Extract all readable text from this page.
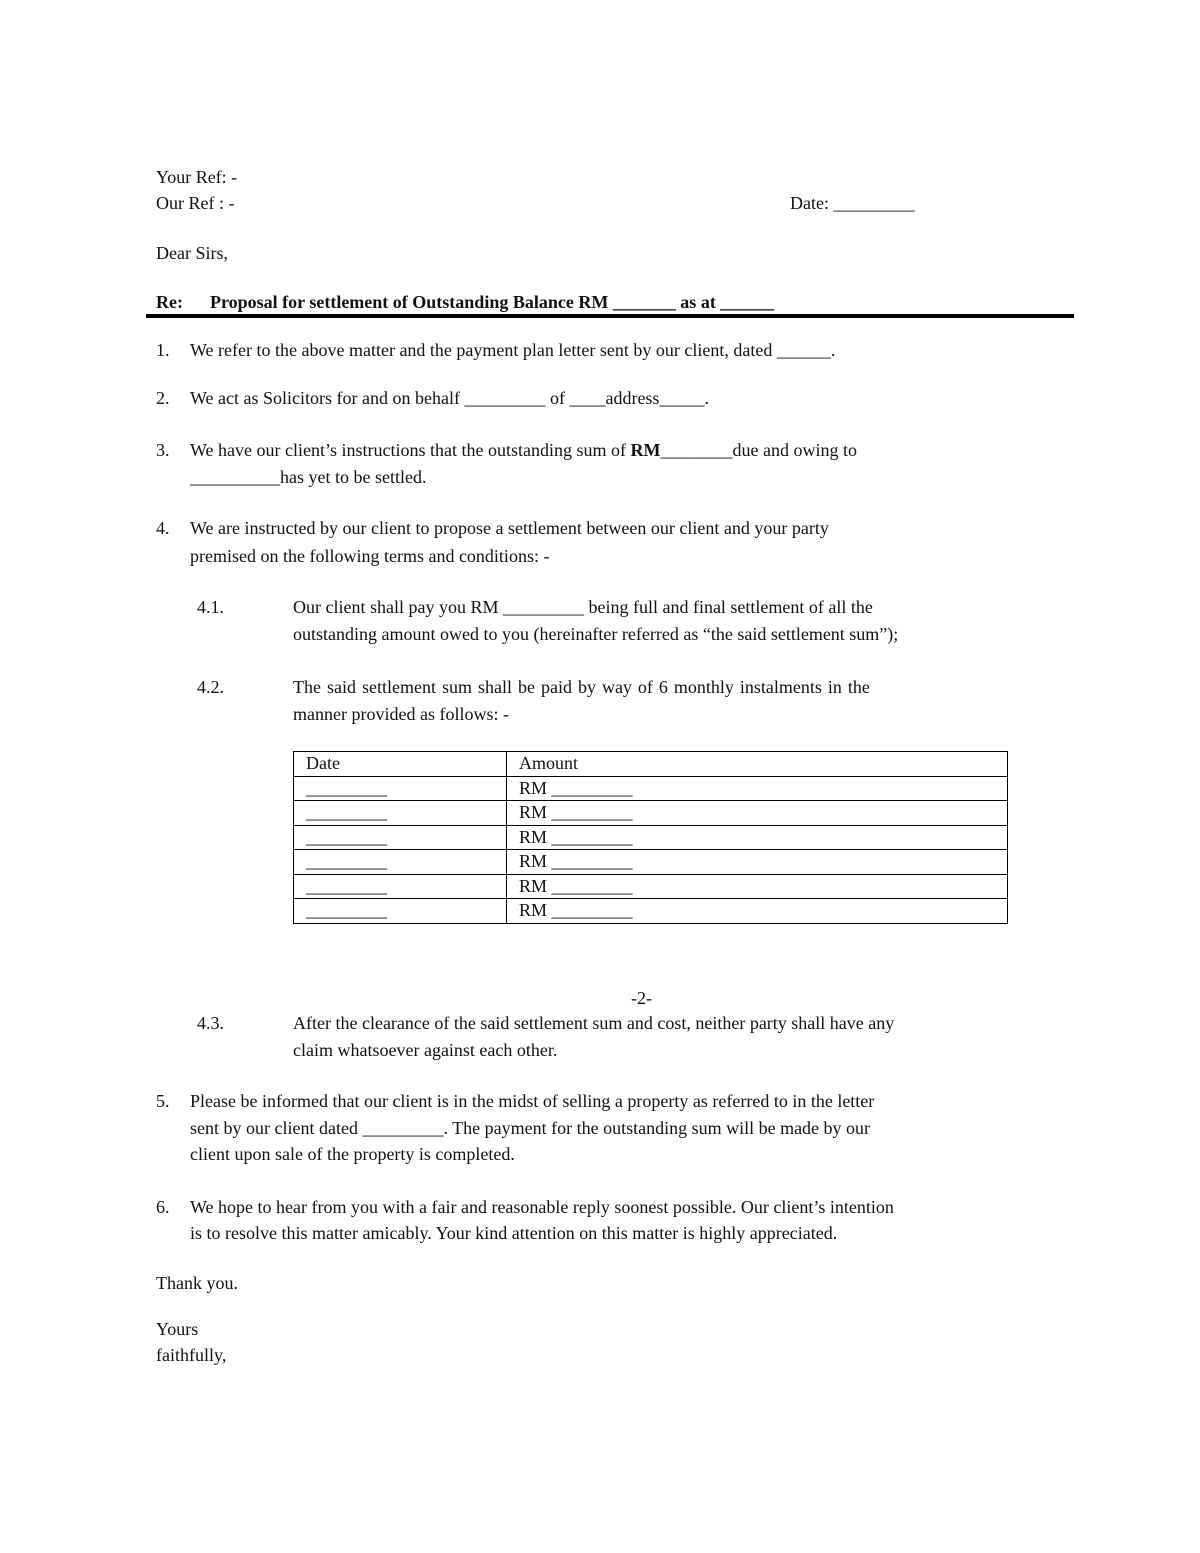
Your Ref: -
Our Ref : -	Date: _________
Dear Sirs,
Re: Proposal for settlement of Outstanding Balance RM _______ as at ______
1. We refer to the above matter and the payment plan letter sent by our client, dated ______.
2. We act as Solicitors for and on behalf _________ of ____address_____.
3. We have our client’s instructions that the outstanding sum of RM________due and owing to
__________has yet to be settled.
4. We are instructed by our client to propose a settlement between our client and your party
premised on the following terms and conditions: -
4.1.	Our client shall pay you RM _________ being full and final settlement of all the
outstanding amount owed to you (hereinafter referred as “the said settlement sum”);
4.2.	The said settlement sum shall be paid by way of 6 monthly instalments in the
manner provided as follows: -
Date	Amount
_________	RM _________
_________	RM _________
_________	RM _________
_________	RM _________
_________	RM _________
_________	RM _________
-2-
4.3.	After the clearance of the said settlement sum and cost, neither party shall have any
claim whatsoever against each other.
5. Please be informed that our client is in the midst of selling a property as referred to in the letter
sent by our client dated _________. The payment for the outstanding sum will be made by our
client upon sale of the property is completed.
6. We hope to hear from you with a fair and reasonable reply soonest possible. Our client’s intention
is to resolve this matter amicably. Your kind attention on this matter is highly appreciated.
Thank you.
Yours
faithfully,
